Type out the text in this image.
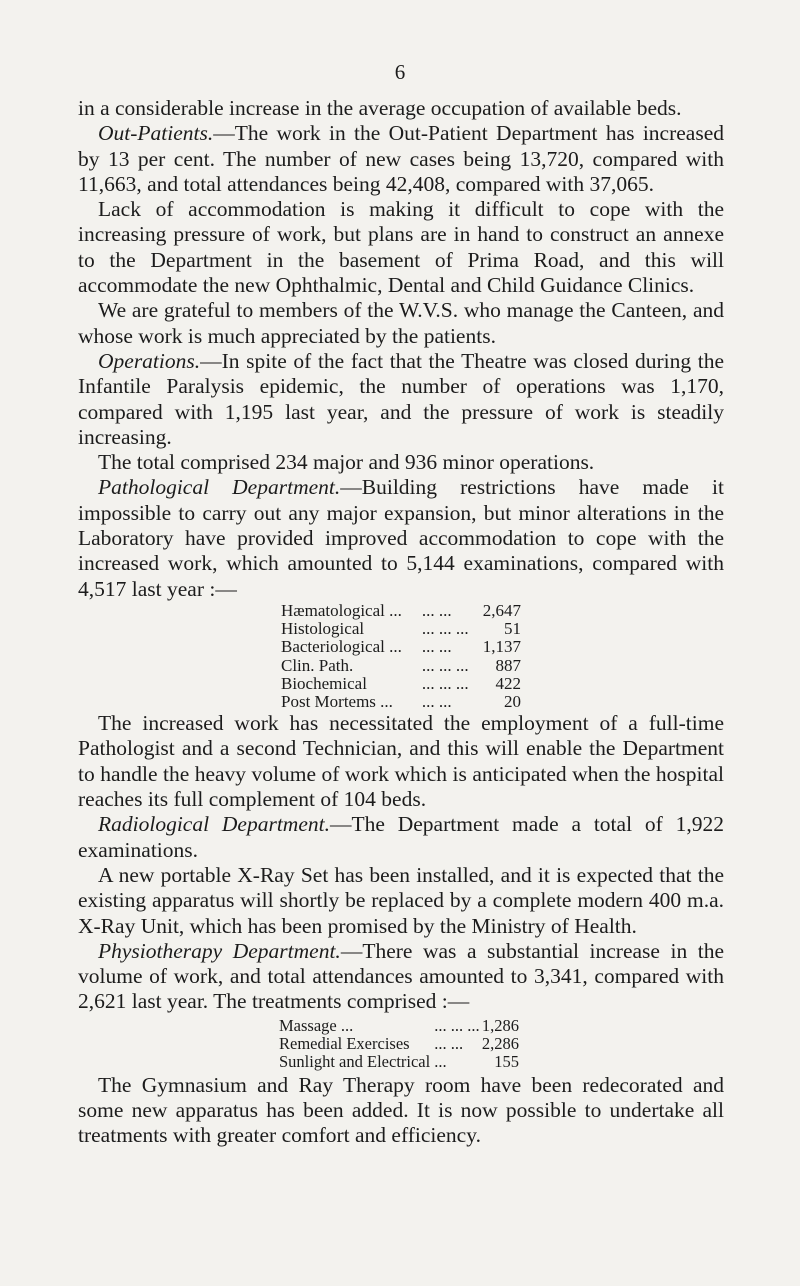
6

in a considerable increase in the average occupation of available beds.

Out-Patients.—The work in the Out-Patient Department has increased by 13 per cent. The number of new cases being 13,720, compared with 11,663, and total attendances being 42,408, compared with 37,065.

Lack of accommodation is making it difficult to cope with the increasing pressure of work, but plans are in hand to construct an annexe to the Department in the basement of Prima Road, and this will accommodate the new Ophthalmic, Dental and Child Guidance Clinics.

We are grateful to members of the W.V.S. who manage the Canteen, and whose work is much appreciated by the patients.

Operations.—In spite of the fact that the Theatre was closed during the Infantile Paralysis epidemic, the number of operations was 1,170, compared with 1,195 last year, and the pressure of work is steadily increasing.

The total comprised 234 major and 936 minor operations.

Pathological Department.—Building restrictions have made it impossible to carry out any major expansion, but minor alterations in the Laboratory have provided improved accommodation to cope with the increased work, which amounted to 5,144 examinations, compared with 4,517 last year :—

Hæmatological ...	... ...	2,647
Histological	... ... ...	51
Bacteriological ...	... ...	1,137
Clin. Path.	... ... ...	887
Biochemical	... ... ...	422
Post Mortems ...	... ...	20

The increased work has necessitated the employment of a full-time Pathologist and a second Technician, and this will enable the Department to handle the heavy volume of work which is anticipated when the hospital reaches its full complement of 104 beds.

Radiological Department.—The Department made a total of 1,922 examinations.

A new portable X-Ray Set has been installed, and it is expected that the existing apparatus will shortly be replaced by a complete modern 400 m.a. X-Ray Unit, which has been promised by the Ministry of Health.

Physiotherapy Department.—There was a substantial increase in the volume of work, and total attendances amounted to 3,341, compared with 2,621 last year. The treatments comprised :—

Massage ...	... ... ...	1,286
Remedial Exercises	... ...	2,286
Sunlight and Electrical	...	155

The Gymnasium and Ray Therapy room have been redecorated and some new apparatus has been added. It is now possible to undertake all treatments with greater comfort and efficiency.
